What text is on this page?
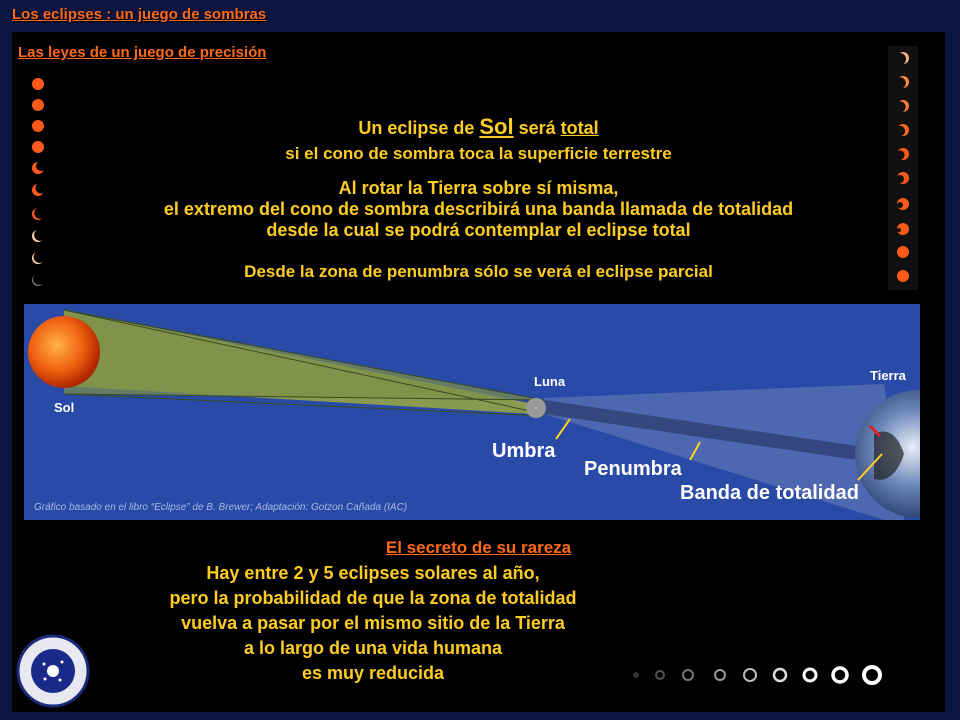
Los eclipses : un juego de sombras
Las leyes de un juego de precisión
Un eclipse de Sol será total
si el cono de sombra toca la superficie terrestre
Al rotar la Tierra sobre sí misma,
el extremo del cono de sombra describirá una banda llamada de totalidad
desde la cual se podrá contemplar el eclipse total
Desde la zona de penumbra sólo se verá el eclipse parcial
Sol
Luna	Tierra
Umbra
Penumbra
Banda de totalidad
Gráfico basado en el libro “Eclipse” de B. Brewer; Adaptación: Gotzon Cañada (IAC)
El secreto de su rareza
Hay entre 2 y 5 eclipses solares al año,
pero la probabilidad de que la zona de totalidad
vuelva a pasar por el mismo sitio de la Tierra
a lo largo de una vida humana
es muy reducida
